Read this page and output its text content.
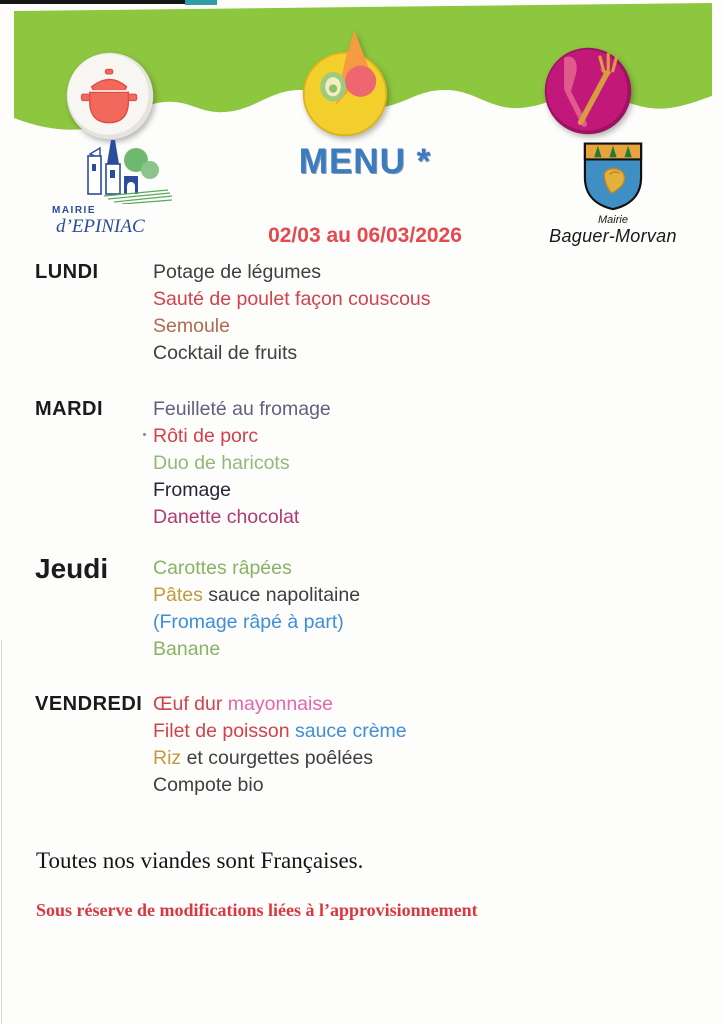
MAIRIE
d’EPINIAC
MENU *
02/03 au 06/03/2026
Mairie
Baguer-Morvan
LUNDI	Potage de légumes
Sauté de poulet façon couscous
Semoule
Cocktail de fruits
MARDI	Feuilleté au fromage
Rôti de porc
Duo de haricots
Fromage
Danette chocolat
Jeudi Carottes râpées
Pâtes sauce napolitaine
(Fromage râpé à part)
Banane
VENDREDI Œuf dur mayonnaise
Filet de poisson sauce crème
Riz et courgettes poêlées
Compote bio
Toutes nos viandes sont Françaises.
Sous réserve de modifications liées à l’approvisionnement
